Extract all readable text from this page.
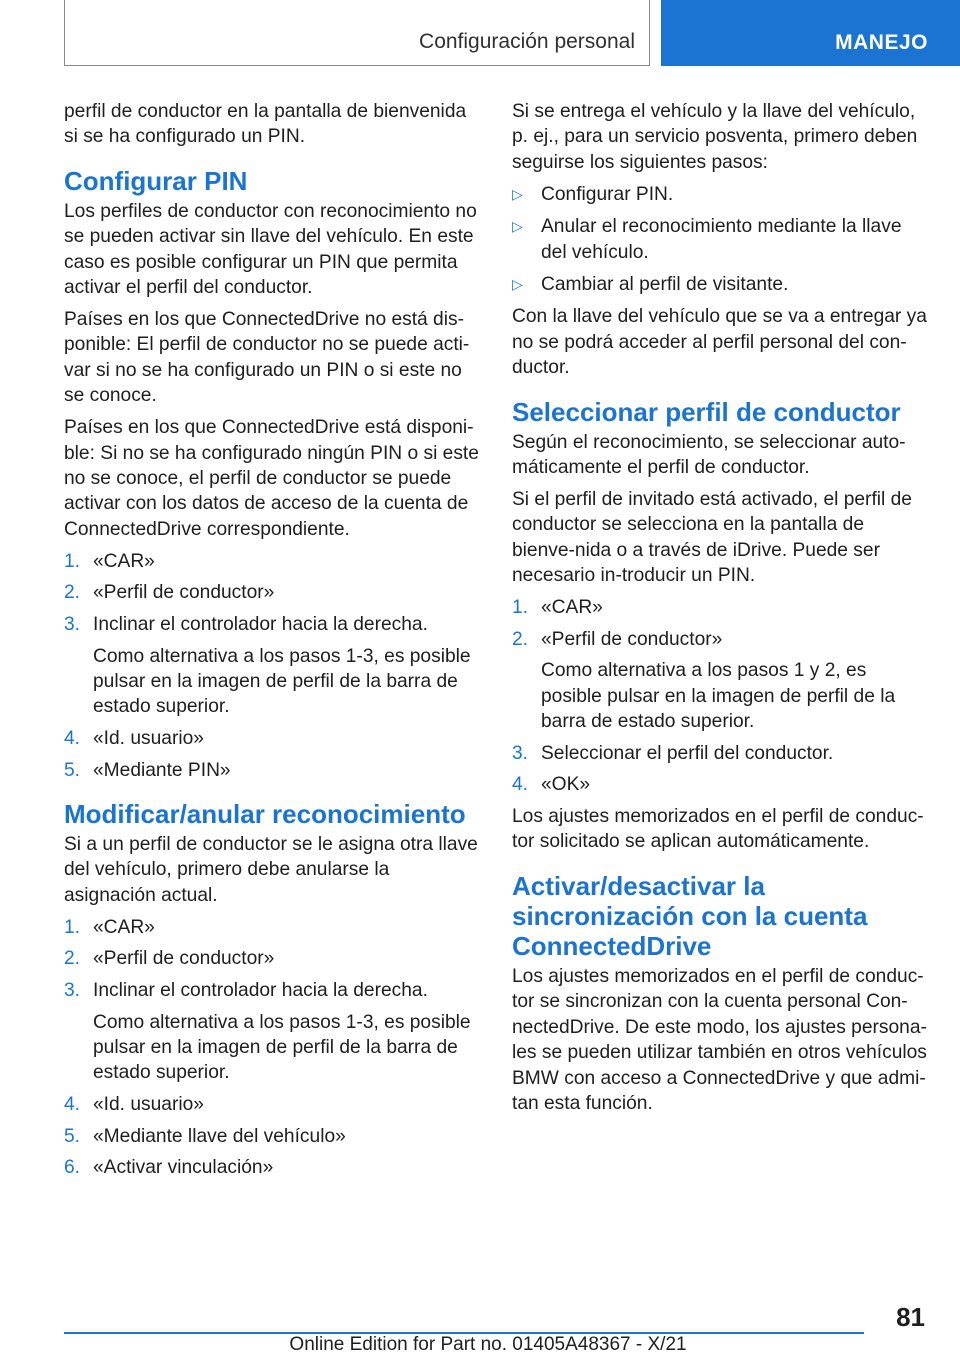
Configuración personal	MANEJO

perfil de conductor en la pantalla de bienvenida si se ha configurado un PIN.

Configurar PIN

Los perfiles de conductor con reconocimiento no se pueden activar sin llave del vehículo. En este caso es posible configurar un PIN que permita activar el perfil del conductor.

Países en los que ConnectedDrive no está dis‐ponible: El perfil de conductor no se puede acti‐var si no se ha configurado un PIN o si este no se conoce.

Países en los que ConnectedDrive está disponi‐ble: Si no se ha configurado ningún PIN o si este no se conoce, el perfil de conductor se puede activar con los datos de acceso de la cuenta de ConnectedDrive correspondiente.

1. «CAR»
2. «Perfil de conductor»
3. Inclinar el controlador hacia la derecha.
Como alternativa a los pasos 1‑3, es posible pulsar en la imagen de perfil de la barra de estado superior.
4. «Id. usuario»
5. «Mediante PIN»
Modificar/anular reconocimiento

Si a un perfil de conductor se le asigna otra llave del vehículo, primero debe anularse la asignación actual.

1. «CAR»
2. «Perfil de conductor»
3. Inclinar el controlador hacia la derecha.
Como alternativa a los pasos 1‑3, es posible pulsar en la imagen de perfil de la barra de estado superior.
4. «Id. usuario»
5. «Mediante llave del vehículo»
6. «Activar vinculación»

Si se entrega el vehículo y la llave del vehículo, p. ej., para un servicio posventa, primero deben seguirse los siguientes pasos:

▷ Configurar PIN.
▷ Anular el reconocimiento mediante la llave del vehículo.
▷ Cambiar al perfil de visitante.

Con la llave del vehículo que se va a entregar ya no se podrá acceder al perfil personal del con‐ductor.

Seleccionar perfil de conductor

Según el reconocimiento, se seleccionar auto‐máticamente el perfil de conductor.

Si el perfil de invitado está activado, el perfil de conductor se selecciona en la pantalla de bienve‐nida o a través de iDrive. Puede ser necesario in‐troducir un PIN.

1. «CAR»
2. «Perfil de conductor»
Como alternativa a los pasos 1 y 2, es posible pulsar en la imagen de perfil de la barra de estado superior.
3. Seleccionar el perfil del conductor.
4. «OK»

Los ajustes memorizados en el perfil de conduc‐tor solicitado se aplican automáticamente.

Activar/desactivar la sincronización con la cuenta ConnectedDrive

Los ajustes memorizados en el perfil de conduc‐tor se sincronizan con la cuenta personal Con‐nectedDrive. De este modo, los ajustes persona‐les se pueden utilizar también en otros vehículos BMW con acceso a ConnectedDrive y que admi‐tan esta función.

81
Online Edition for Part no. 01405A48367 - X/21
